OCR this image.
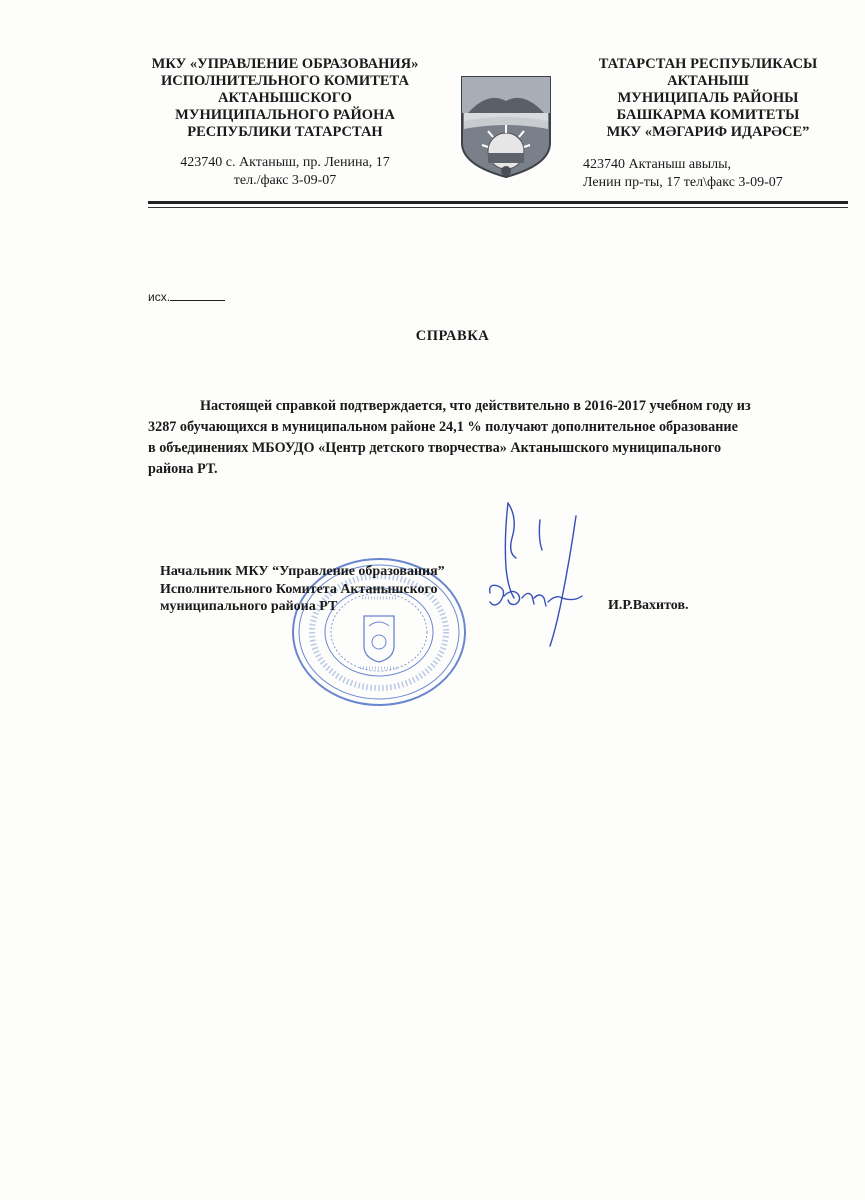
МКУ «УПРАВЛЕНИЕ ОБРАЗОВАНИЯ»
ИСПОЛНИТЕЛЬНОГО КОМИТЕТА
АКТАНЫШСКОГО
МУНИЦИПАЛЬНОГО РАЙОНА
РЕСПУБЛИКИ ТАТАРСТАН
423740 с. Актаныш, пр. Ленина, 17
тел./факс 3-09-07
ТАТАРСТАН РЕСПУБЛИКАСЫ
АКТАНЫШ
МУНИЦИПАЛЬ РАЙОНЫ
БАШКАРМА КОМИТЕТЫ
МКУ «МӘГАРИФ ИДАРӘСЕ”
423740 Актаныш авылы,
Ленин пр-ты, 17 тел\факс 3-09-07
исх.
СПРАВКА
Настоящей справкой подтверждается, что действительно в 2016-2017 учебном году из
3287 обучающихся в муниципальном районе 24,1 % получают дополнительное образование
в объединениях МБОУДО «Центр детского творчества» Актанышского муниципального
района РТ.
Начальник МКУ “Управление образования”
Исполнительного Комитета Актанышского
муниципального района РТ	И.Р.Вахитов.
